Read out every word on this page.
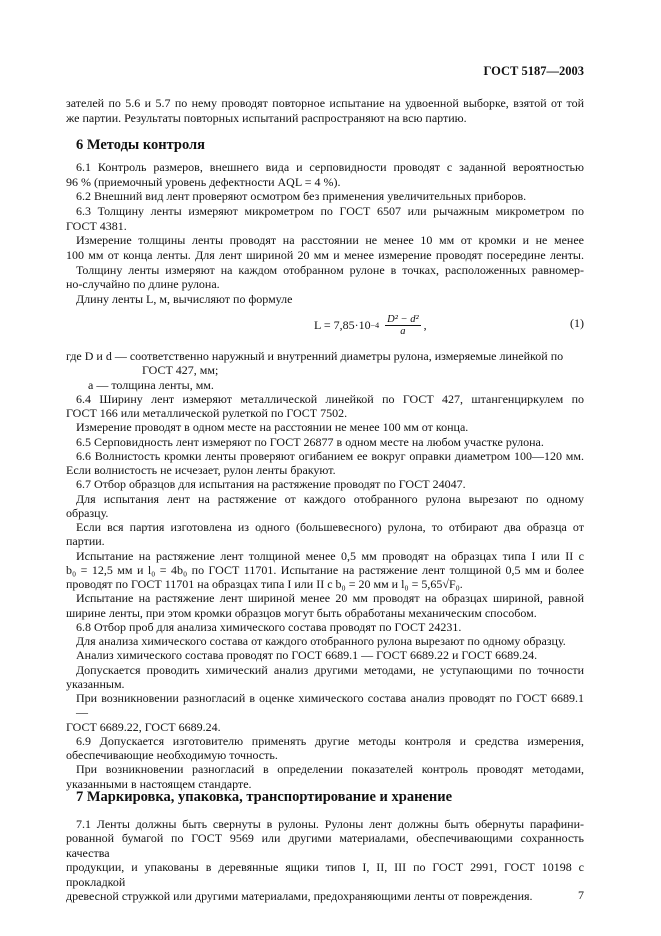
ГОСТ 5187—2003
зателей по 5.6 и 5.7 по нему проводят повторное испытание на удвоенной выборке, взятой от той
же партии. Результаты повторных испытаний распространяют на всю партию.
6 Методы контроля
6.1 Контроль размеров, внешнего вида и серповидности проводят с заданной вероятностью
96 % (приемочный уровень дефектности AQL = 4 %).
6.2 Внешний вид лент проверяют осмотром без применения увеличительных приборов.
6.3 Толщину ленты измеряют микрометром по ГОСТ 6507 или рычажным микрометром по
ГОСТ 4381.
Измерение толщины ленты проводят на расстоянии не менее 10 мм от кромки и не менее
100 мм от конца ленты. Для лент шириной 20 мм и менее измерение проводят посередине ленты.
Толщину ленты измеряют на каждом отобранном рулоне в точках, расположенных равномер-
но-случайно по длине рулона.
Длину ленты L, м, вычисляют по формуле
$L = 7,85\cdot 10 -4 \frac{\text{D² − d²}}{a}$ ,	(1)
где D и d — соответственно наружный и внутренний диаметры рулона, измеряемые линейкой по
ГОСТ 427, мм;
a — толщина ленты, мм.
6.4 Ширину лент измеряют металлической линейкой по ГОСТ 427, штангенциркулем по
ГОСТ 166 или металлической рулеткой по ГОСТ 7502.
Измерение проводят в одном месте на расстоянии не менее 100 мм от конца.
6.5 Серповидность лент измеряют по ГОСТ 26877 в одном месте на любом участке рулона.
6.6 Волнистость кромки ленты проверяют огибанием ее вокруг оправки диаметром 100—120 мм.
Если волнистость не исчезает, рулон ленты бракуют.
6.7 Отбор образцов для испытания на растяжение проводят по ГОСТ 24047.
Для испытания лент на растяжение от каждого отобранного рулона вырезают по одному
образцу.
Если вся партия изготовлена из одного (большевесного) рулона, то отбирают два образца от
партии.
Испытание на растяжение лент толщиной менее 0,5 мм проводят на образцах типа I или II с
b₀ = 12,5 мм и l₀ = 4b₀ по ГОСТ 11701. Испытание на растяжение лент толщиной 0,5 мм и более
проводят по ГОСТ 11701 на образцах типа I или II с b₀ = 20 мм и l₀ = 5,65√F₀.
Испытание на растяжение лент шириной менее 20 мм проводят на образцах шириной, равной
ширине ленты, при этом кромки образцов могут быть обработаны механическим способом.
6.8 Отбор проб для анализа химического состава проводят по ГОСТ 24231.
Для анализа химического состава от каждого отобранного рулона вырезают по одному образцу.
Анализ химического состава проводят по ГОСТ 6689.1 — ГОСТ 6689.22 и ГОСТ 6689.24.
Допускается проводить химический анализ другими методами, не уступающими по точности
указанным.
При возникновении разногласий в оценке химического состава анализ проводят по ГОСТ 6689.1 —
ГОСТ 6689.22, ГОСТ 6689.24.
6.9 Допускается изготовителю применять другие методы контроля и средства измерения,
обеспечивающие необходимую точность.
При возникновении разногласий в определении показателей контроль проводят методами,
указанными в настоящем стандарте.
7 Маркировка, упаковка, транспортирование и хранение
7.1 Ленты должны быть свернуты в рулоны. Рулоны лент должны быть обернуты парафини-
рованной бумагой по ГОСТ 9569 или другими материалами, обеспечивающими сохранность качества
продукции, и упакованы в деревянные ящики типов I, II, III по ГОСТ 2991, ГОСТ 10198 с прокладкой
древесной стружкой или другими материалами, предохраняющими ленты от повреждения.	7
